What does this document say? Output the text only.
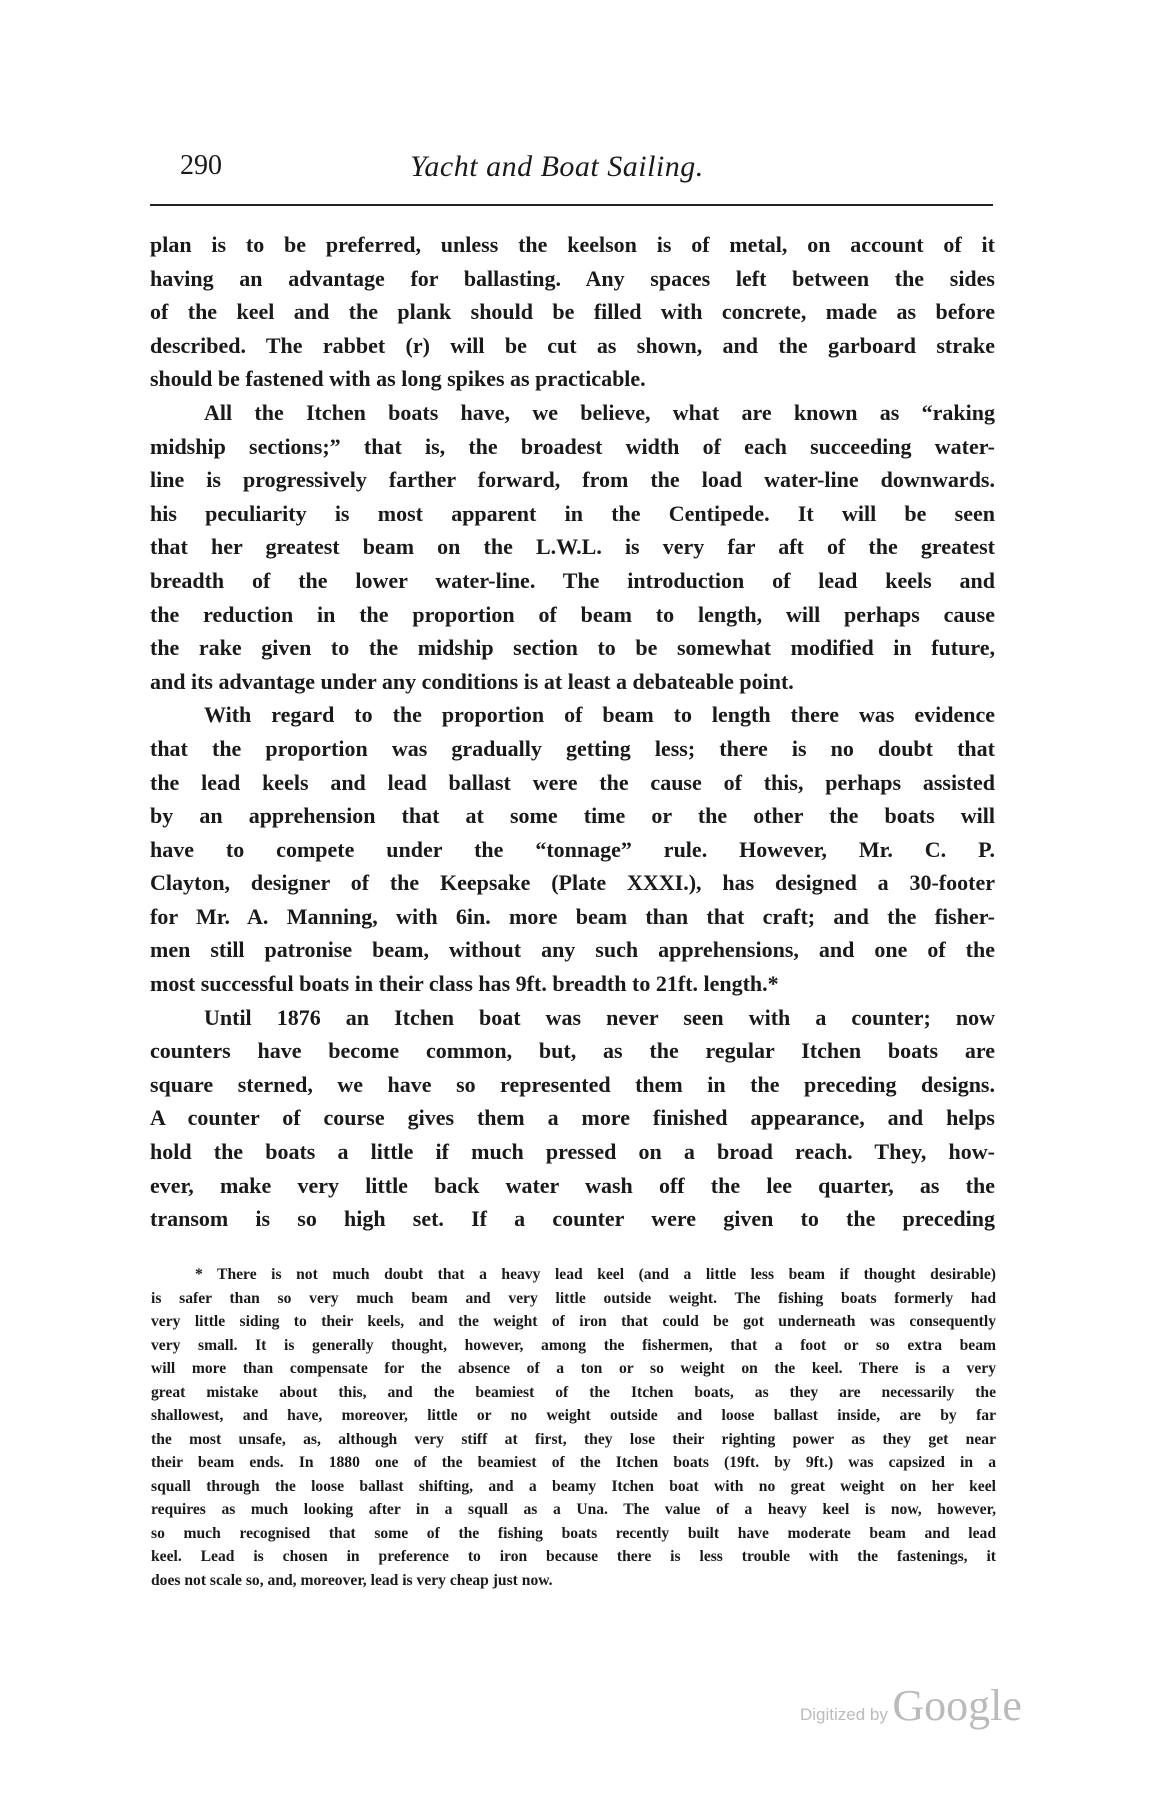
290	Yacht and Boat Sailing.
plan is to be preferred, unless the keelson is of metal, on account of it
having an advantage for ballasting. Any spaces left between the sides
of the keel and the plank should be filled with concrete, made as before
described. The rabbet (r) will be cut as shown, and the garboard strake
should be fastened with as long spikes as practicable.
All the Itchen boats have, we believe, what are known as “raking
midship sections;” that is, the broadest width of each succeeding water-
line is progressively farther forward, from the load water-line downwards.
his peculiarity is most apparent in the Centipede. It will be seen
that her greatest beam on the L.W.L. is very far aft of the greatest
breadth of the lower water-line. The introduction of lead keels and
the reduction in the proportion of beam to length, will perhaps cause
the rake given to the midship section to be somewhat modified in future,
and its advantage under any conditions is at least a debateable point.
With regard to the proportion of beam to length there was evidence
that the proportion was gradually getting less; there is no doubt that
the lead keels and lead ballast were the cause of this, perhaps assisted
by an apprehension that at some time or the other the boats will
have to compete under the “tonnage” rule. However, Mr. C. P.
Clayton, designer of the Keepsake (Plate XXXI.), has designed a 30-footer
for Mr. A. Manning, with 6in. more beam than that craft; and the fisher-
men still patronise beam, without any such apprehensions, and one of the
most successful boats in their class has 9ft. breadth to 21ft. length.*
Until 1876 an Itchen boat was never seen with a counter; now
counters have become common, but, as the regular Itchen boats are
square sterned, we have so represented them in the preceding designs.
A counter of course gives them a more finished appearance, and helps
hold the boats a little if much pressed on a broad reach. They, how-
ever, make very little back water wash off the lee quarter, as the
transom is so high set. If a counter were given to the preceding
* There is not much doubt that a heavy lead keel (and a little less beam if thought desirable)
is safer than so very much beam and very little outside weight. The fishing boats formerly had
very little siding to their keels, and the weight of iron that could be got underneath was consequently
very small. It is generally thought, however, among the fishermen, that a foot or so extra beam
will more than compensate for the absence of a ton or so weight on the keel. There is a very
great mistake about this, and the beamiest of the Itchen boats, as they are necessarily the
shallowest, and have, moreover, little or no weight outside and loose ballast inside, are by far
the most unsafe, as, although very stiff at first, they lose their righting power as they get near
their beam ends. In 1880 one of the beamiest of the Itchen boats (19ft. by 9ft.) was capsized in a
squall through the loose ballast shifting, and a beamy Itchen boat with no great weight on her keel
requires as much looking after in a squall as a Una. The value of a heavy keel is now, however,
so much recognised that some of the fishing boats recently built have moderate beam and lead
keel. Lead is chosen in preference to iron because there is less trouble with the fastenings, it
does not scale so, and, moreover, lead is very cheap just now.
Digitized by Google
